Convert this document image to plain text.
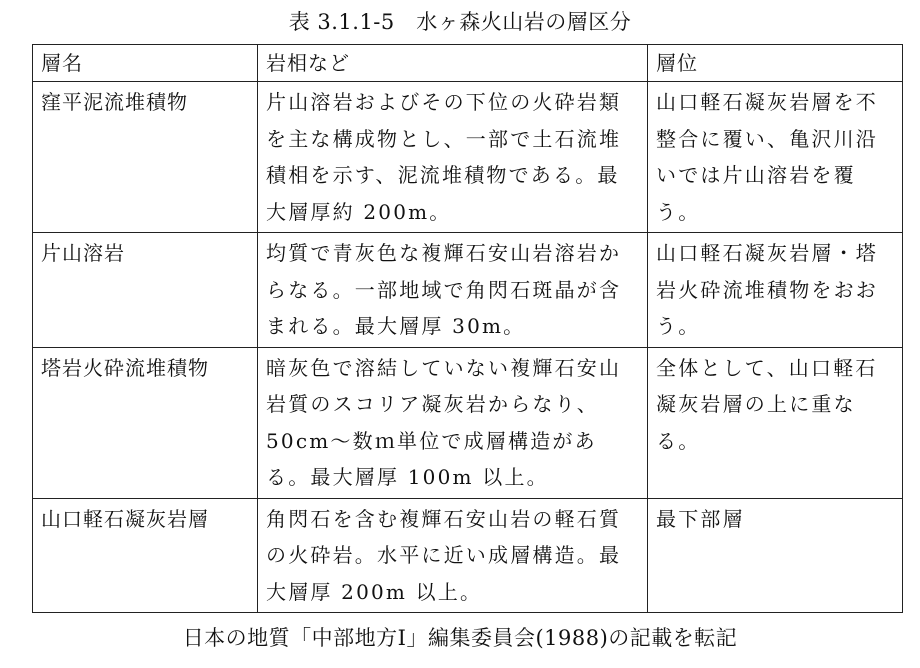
表 3.1.1-5　水ヶ森火山岩の層区分
層名	岩相など	層位
窪平泥流堆積物	片山溶岩およびその下位の火砕岩類を主な構成物とし、一部で土石流堆積相を示す、泥流堆積物である。最大層厚約 200m。	山口軽石凝灰岩層を不整合に覆い、亀沢川沿いでは片山溶岩を覆う。
片山溶岩	均質で青灰色な複輝石安山岩溶岩からなる。一部地域で角閃石斑晶が含まれる。最大層厚 30m。	山口軽石凝灰岩層・塔岩火砕流堆積物をおおう。
塔岩火砕流堆積物	暗灰色で溶結していない複輝石安山岩質のスコリア凝灰岩からなり、50cm～数ｍ単位で成層構造がある。最大層厚 100m 以上。	全体として、山口軽石凝灰岩層の上に重なる。
山口軽石凝灰岩層	角閃石を含む複輝石安山岩の軽石質の火砕岩。水平に近い成層構造。最大層厚 200m 以上。	最下部層
日本の地質「中部地方Ⅰ」編集委員会(1988)の記載を転記
